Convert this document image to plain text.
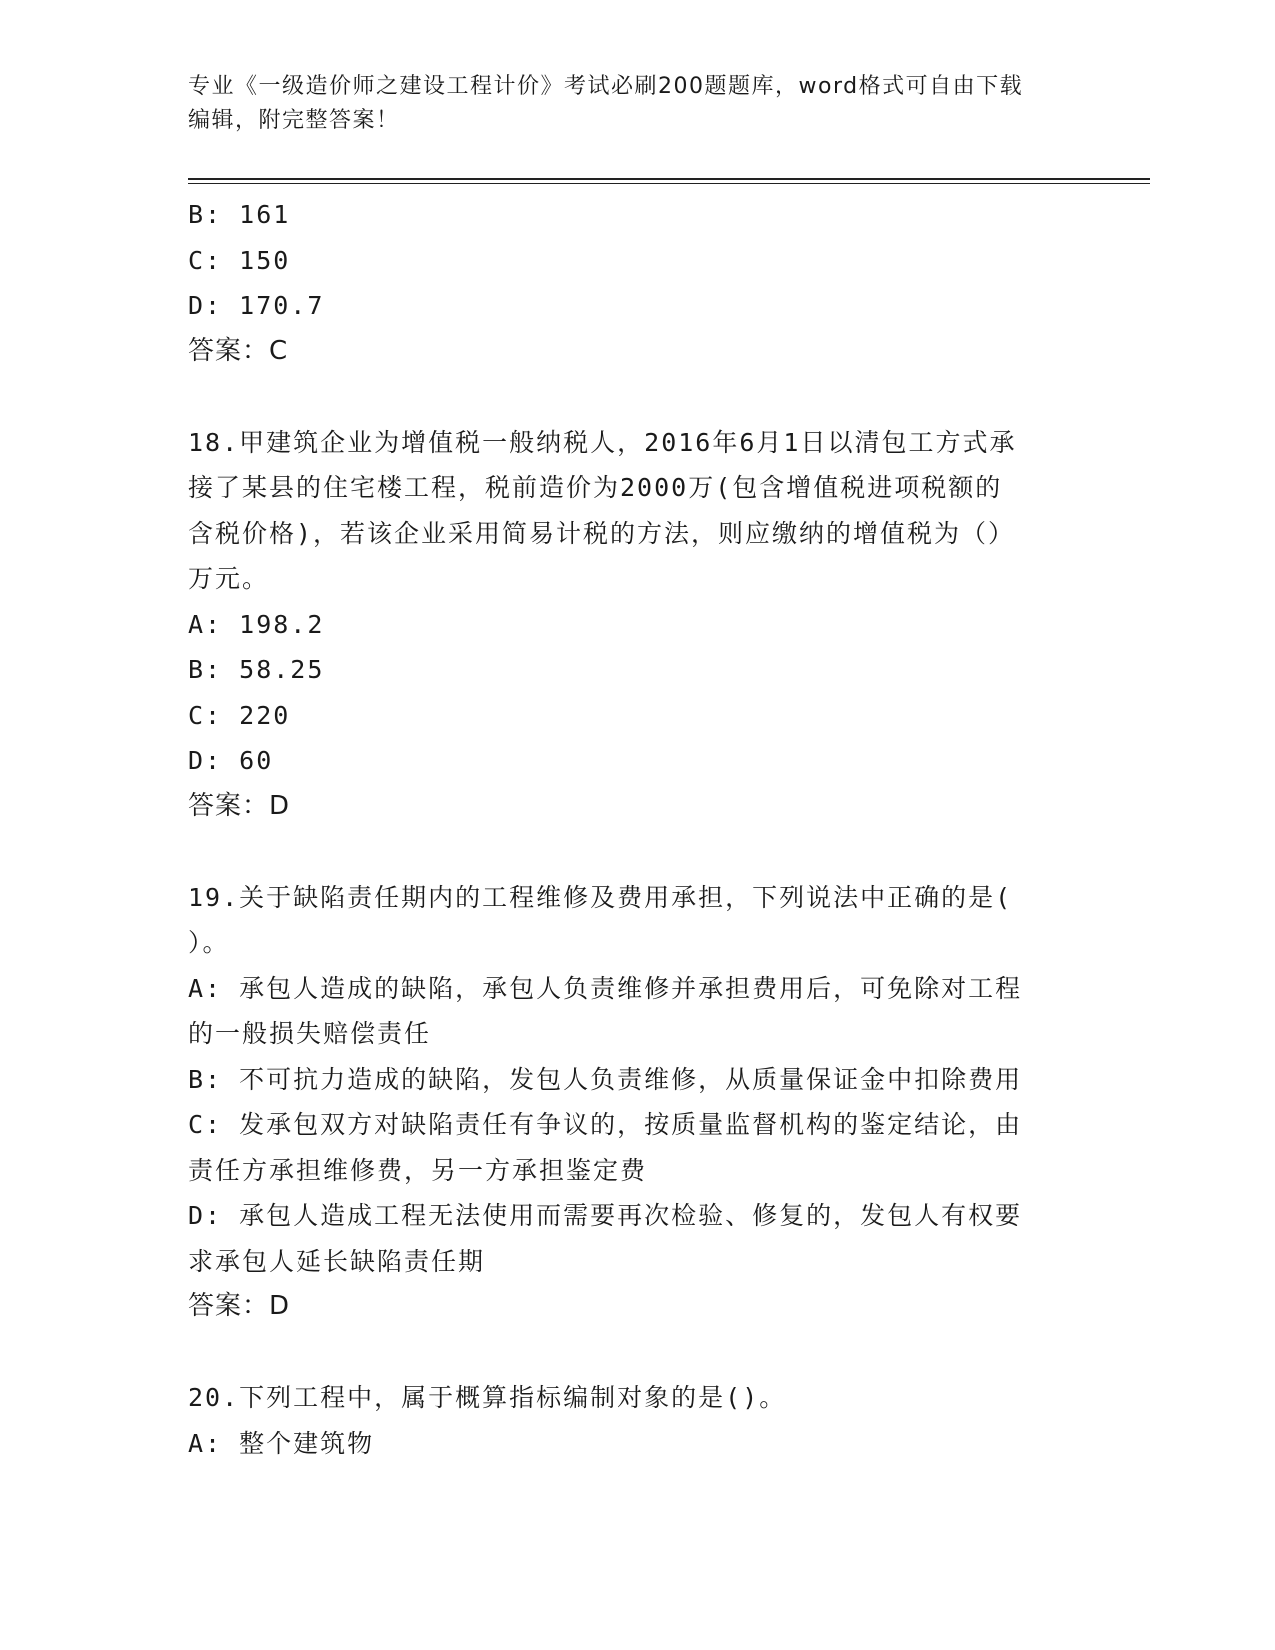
专业《一级造价师之建设工程计价》考试必刷200题题库，word格式可自由下载
编辑，附完整答案！
B: 161
C: 150
D: 170.7
答案：C
18.甲建筑企业为增值税一般纳税人，2016年6月1日以清包工方式承
接了某县的住宅楼工程，税前造价为2000万(包含增值税进项税额的
含税价格)，若该企业采用简易计税的方法，则应缴纳的增值税为（）
万元。
A: 198.2
B: 58.25
C: 220
D: 60
答案：D
19.关于缺陷责任期内的工程维修及费用承担，下列说法中正确的是(
）。
A: 承包人造成的缺陷，承包人负责维修并承担费用后，可免除对工程
的一般损失赔偿责任
B: 不可抗力造成的缺陷，发包人负责维修，从质量保证金中扣除费用
C: 发承包双方对缺陷责任有争议的，按质量监督机构的鉴定结论，由
责任方承担维修费，另一方承担鉴定费
D: 承包人造成工程无法使用而需要再次检验、修复的，发包人有权要
求承包人延长缺陷责任期
答案：D
20.下列工程中，属于概算指标编制对象的是()。
A: 整个建筑物
